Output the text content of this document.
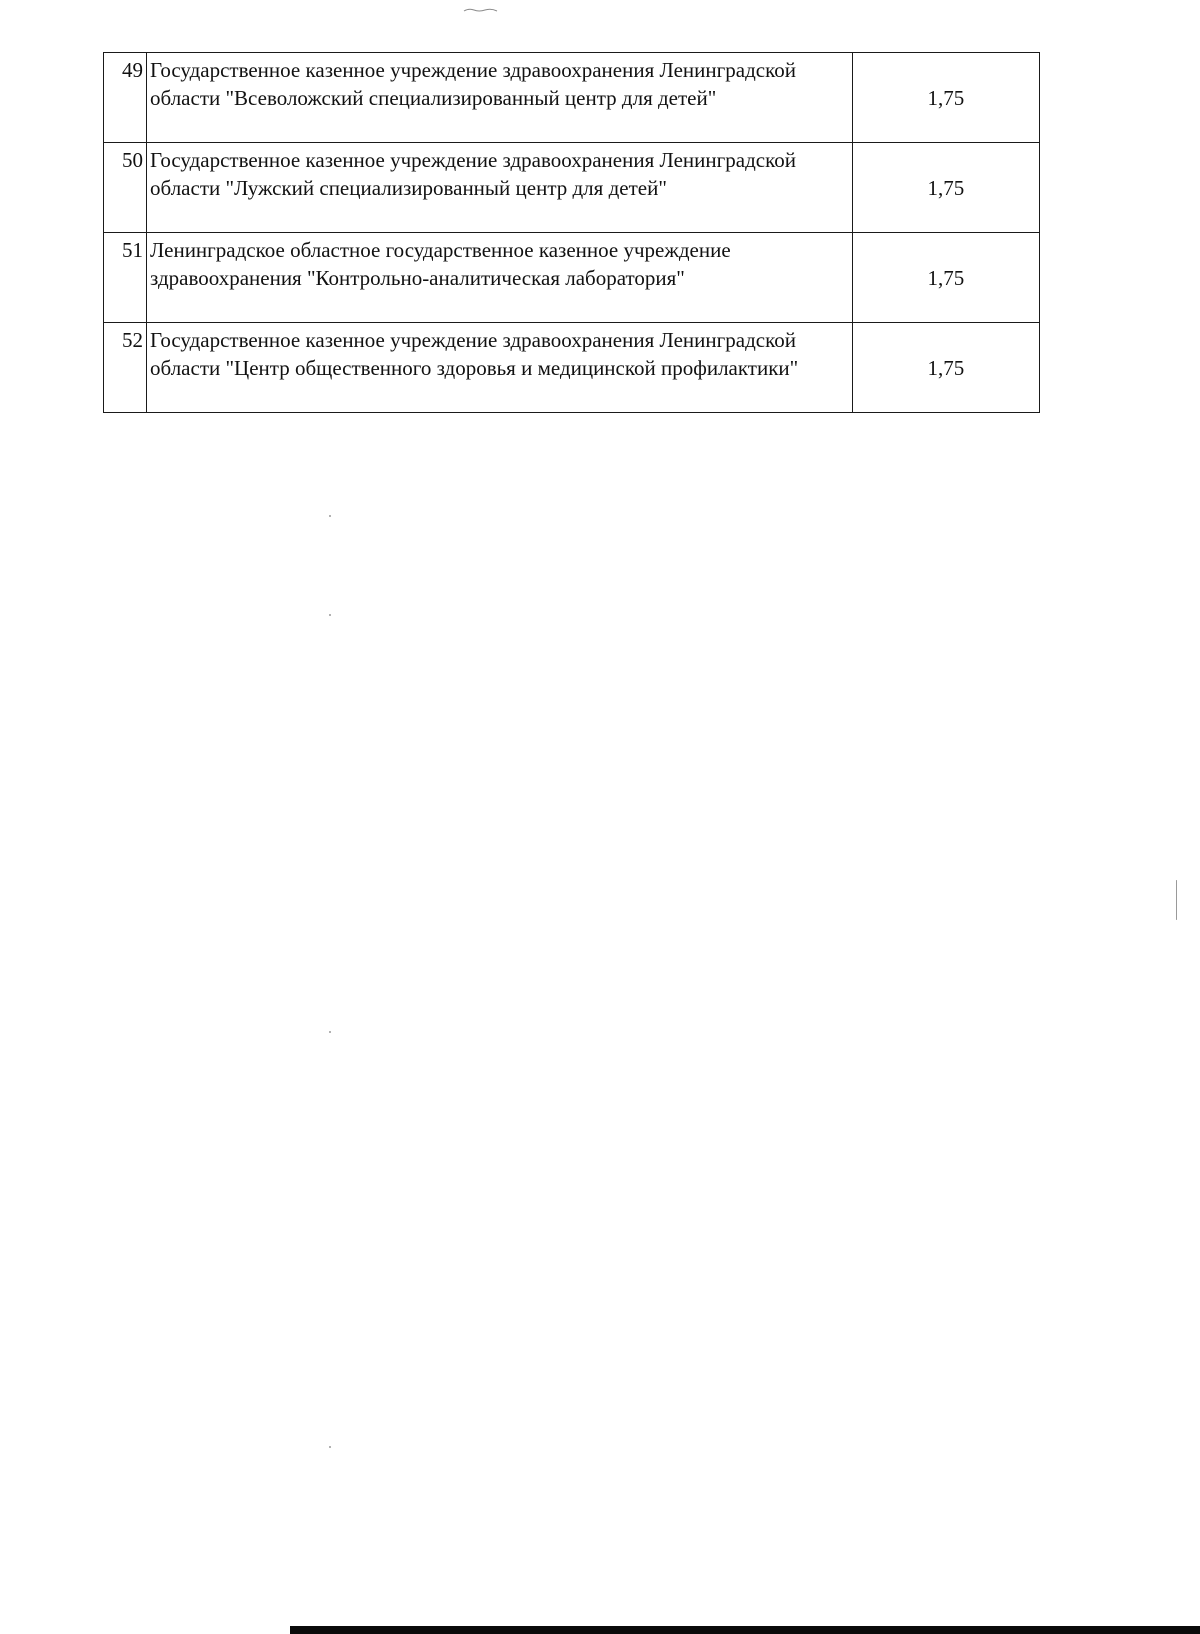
49	Государственное казенное учреждение здравоохранения Ленинградской области "Всеволожский специализированный центр для детей"	1,75
50	Государственное казенное учреждение здравоохранения Ленинградской области "Лужский специализированный центр для детей"	1,75
51	Ленинградское областное государственное казенное учреждение здравоохранения "Контрольно-аналитическая лаборатория"	1,75
52	Государственное казенное учреждение здравоохранения Ленинградской области "Центр общественного здоровья и медицинской профилактики"	1,75
